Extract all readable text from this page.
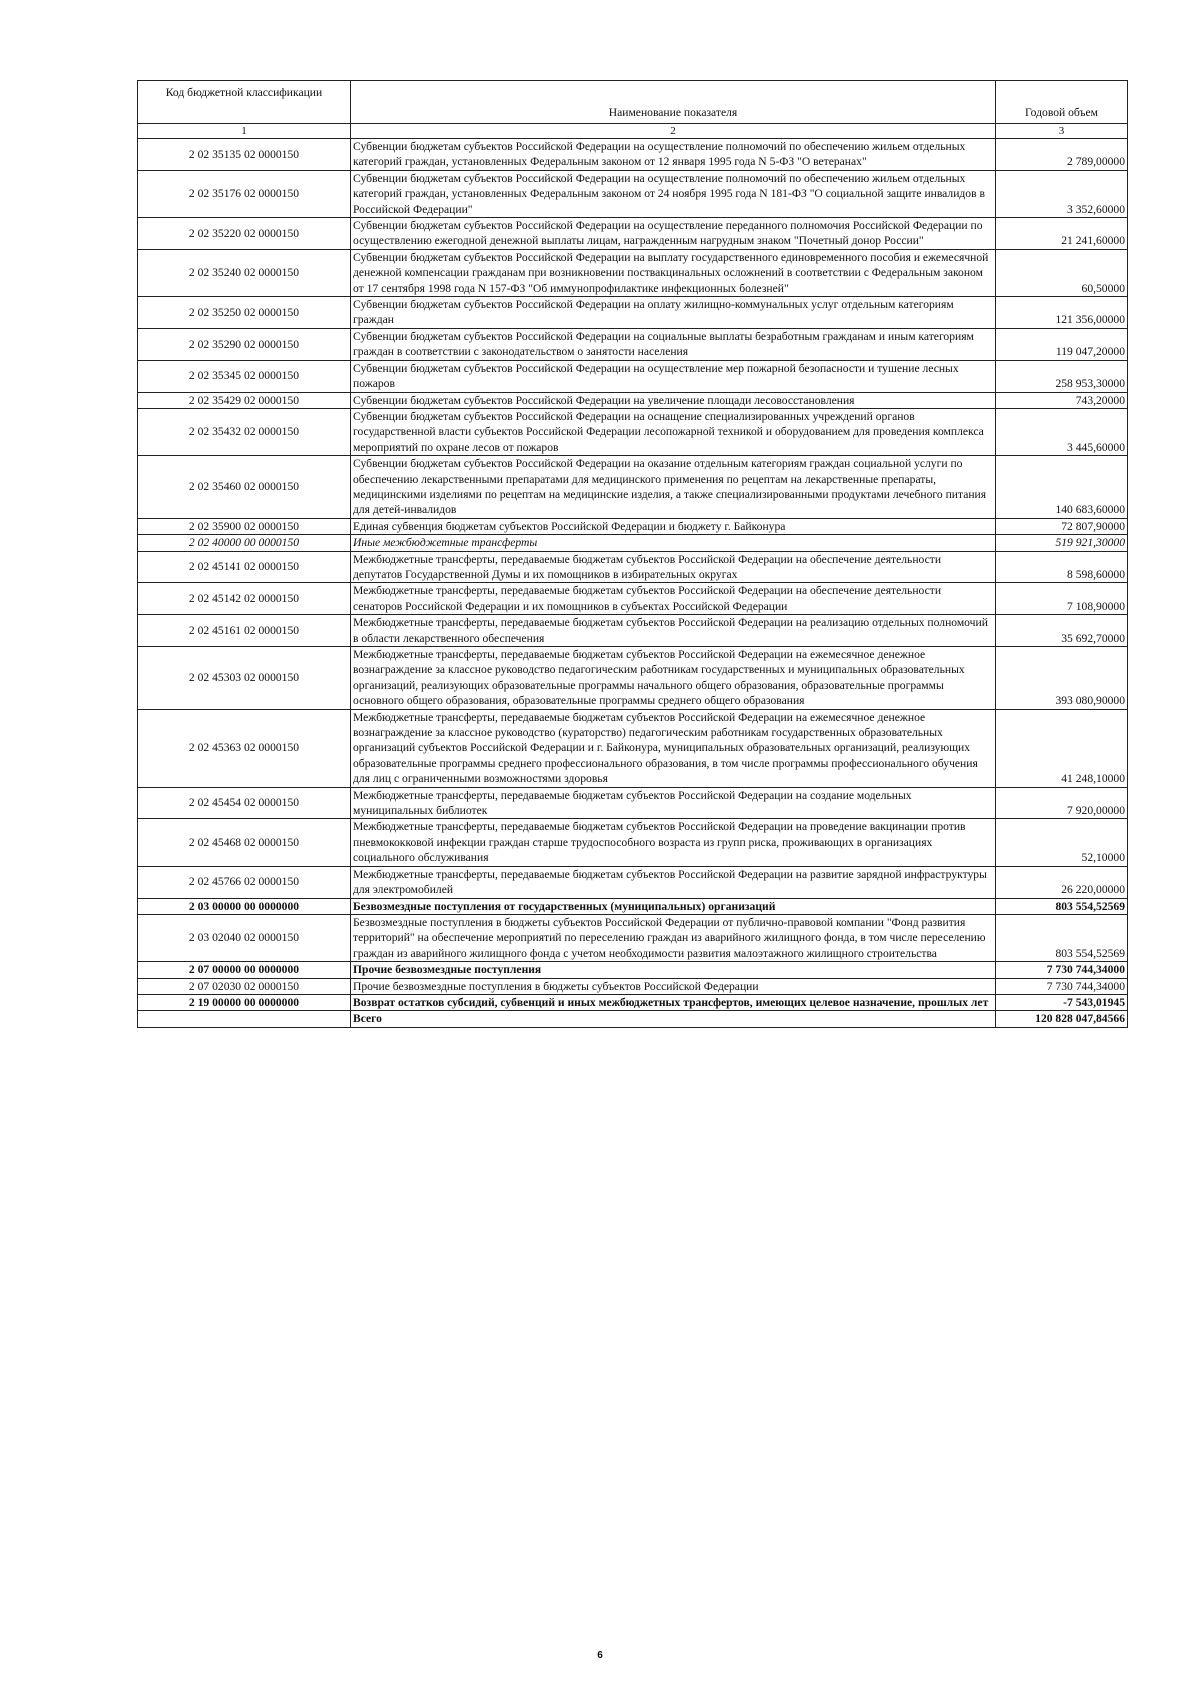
Код бюджетной классификации	Наименование показателя	Годовой объем
1	2	3
2 02 35135 02 0000150	Субвенции бюджетам субъектов Российской Федерации на осуществление полномочий по обеспечению жильем отдельных категорий граждан, установленных Федеральным законом от 12 января 1995 года N 5-ФЗ "О ветеранах"	2 789,00000
2 02 35176 02 0000150	Субвенции бюджетам субъектов Российской Федерации на осуществление полномочий по обеспечению жильем отдельных категорий граждан, установленных Федеральным законом от 24 ноября 1995 года N 181-ФЗ "О социальной защите инвалидов в Российской Федерации"	3 352,60000
2 02 35220 02 0000150	Субвенции бюджетам субъектов Российской Федерации на осуществление переданного полномочия Российской Федерации по осуществлению ежегодной денежной выплаты лицам, награжденным нагрудным знаком "Почетный донор России"	21 241,60000
2 02 35240 02 0000150	Субвенции бюджетам субъектов Российской Федерации на выплату государственного единовременного пособия и ежемесячной денежной компенсации гражданам при возникновении поствакцинальных осложнений в соответствии с Федеральным законом от 17 сентября 1998 года N 157-ФЗ "Об иммунопрофилактике инфекционных болезней"	60,50000
2 02 35250 02 0000150	Субвенции бюджетам субъектов Российской Федерации на оплату жилищно-коммунальных услуг отдельным категориям граждан	121 356,00000
2 02 35290 02 0000150	Субвенции бюджетам субъектов Российской Федерации на социальные выплаты безработным гражданам и иным категориям граждан в соответствии с законодательством о занятости населения	119 047,20000
2 02 35345 02 0000150	Субвенции бюджетам субъектов Российской Федерации на осуществление мер пожарной безопасности и тушение лесных пожаров	258 953,30000
2 02 35429 02 0000150	Субвенции бюджетам субъектов Российской Федерации на увеличение площади лесовосстановления	743,20000
2 02 35432 02 0000150	Субвенции бюджетам субъектов Российской Федерации на оснащение специализированных учреждений органов государственной власти субъектов Российской Федерации лесопожарной техникой и оборудованием для проведения комплекса мероприятий по охране лесов от пожаров	3 445,60000
2 02 35460 02 0000150	Субвенции бюджетам субъектов Российской Федерации на оказание отдельным категориям граждан социальной услуги по обеспечению лекарственными препаратами для медицинского применения по рецептам на лекарственные препараты, медицинскими изделиями по рецептам на медицинские изделия, а также специализированными продуктами лечебного питания для детей-инвалидов	140 683,60000
2 02 35900 02 0000150	Единая субвенция бюджетам субъектов Российской Федерации и бюджету г. Байконура	72 807,90000
2 02 40000 00 0000150	Иные межбюджетные трансферты	519 921,30000
2 02 45141 02 0000150	Межбюджетные трансферты, передаваемые бюджетам субъектов Российской Федерации на обеспечение деятельности депутатов Государственной Думы и их помощников в избирательных округах	8 598,60000
2 02 45142 02 0000150	Межбюджетные трансферты, передаваемые бюджетам субъектов Российской Федерации на обеспечение деятельности сенаторов Российской Федерации и их помощников в субъектах Российской Федерации	7 108,90000
2 02 45161 02 0000150	Межбюджетные трансферты, передаваемые бюджетам субъектов Российской Федерации на реализацию отдельных полномочий в области лекарственного обеспечения	35 692,70000
2 02 45303 02 0000150	Межбюджетные трансферты, передаваемые бюджетам субъектов Российской Федерации на ежемесячное денежное вознаграждение за классное руководство педагогическим работникам государственных и муниципальных образовательных организаций, реализующих образовательные программы начального общего образования, образовательные программы основного общего образования, образовательные программы среднего общего образования	393 080,90000
2 02 45363 02 0000150	Межбюджетные трансферты, передаваемые бюджетам субъектов Российской Федерации на ежемесячное денежное вознаграждение за классное руководство (кураторство) педагогическим работникам государственных образовательных организаций субъектов Российской Федерации и г. Байконура, муниципальных образовательных организаций, реализующих образовательные программы среднего профессионального образования, в том числе программы профессионального обучения для лиц с ограниченными возможностями здоровья	41 248,10000
2 02 45454 02 0000150	Межбюджетные трансферты, передаваемые бюджетам субъектов Российской Федерации на создание модельных муниципальных библиотек	7 920,00000
2 02 45468 02 0000150	Межбюджетные трансферты, передаваемые бюджетам субъектов Российской Федерации на проведение вакцинации против пневмококковой инфекции граждан старше трудоспособного возраста из групп риска, проживающих в организациях социального обслуживания	52,10000
2 02 45766 02 0000150	Межбюджетные трансферты, передаваемые бюджетам субъектов Российской Федерации на развитие зарядной инфраструктуры для электромобилей	26 220,00000
2 03 00000 00 0000000	Безвозмездные поступления от государственных (муниципальных) организаций	803 554,52569
2 03 02040 02 0000150	Безвозмездные поступления в бюджеты субъектов Российской Федерации от публично-правовой компании "Фонд развития территорий" на обеспечение мероприятий по переселению граждан из аварийного жилищного фонда, в том числе переселению граждан из аварийного жилищного фонда с учетом необходимости развития малоэтажного жилищного строительства	803 554,52569
2 07 00000 00 0000000	Прочие безвозмездные поступления	7 730 744,34000
2 07 02030 02 0000150	Прочие безвозмездные поступления в бюджеты субъектов Российской Федерации	7 730 744,34000
2 19 00000 00 0000000	Возврат остатков субсидий, субвенций и иных межбюджетных трансфертов, имеющих целевое назначение, прошлых лет	-7 543,01945
	Всего	120 828 047,84566
6
